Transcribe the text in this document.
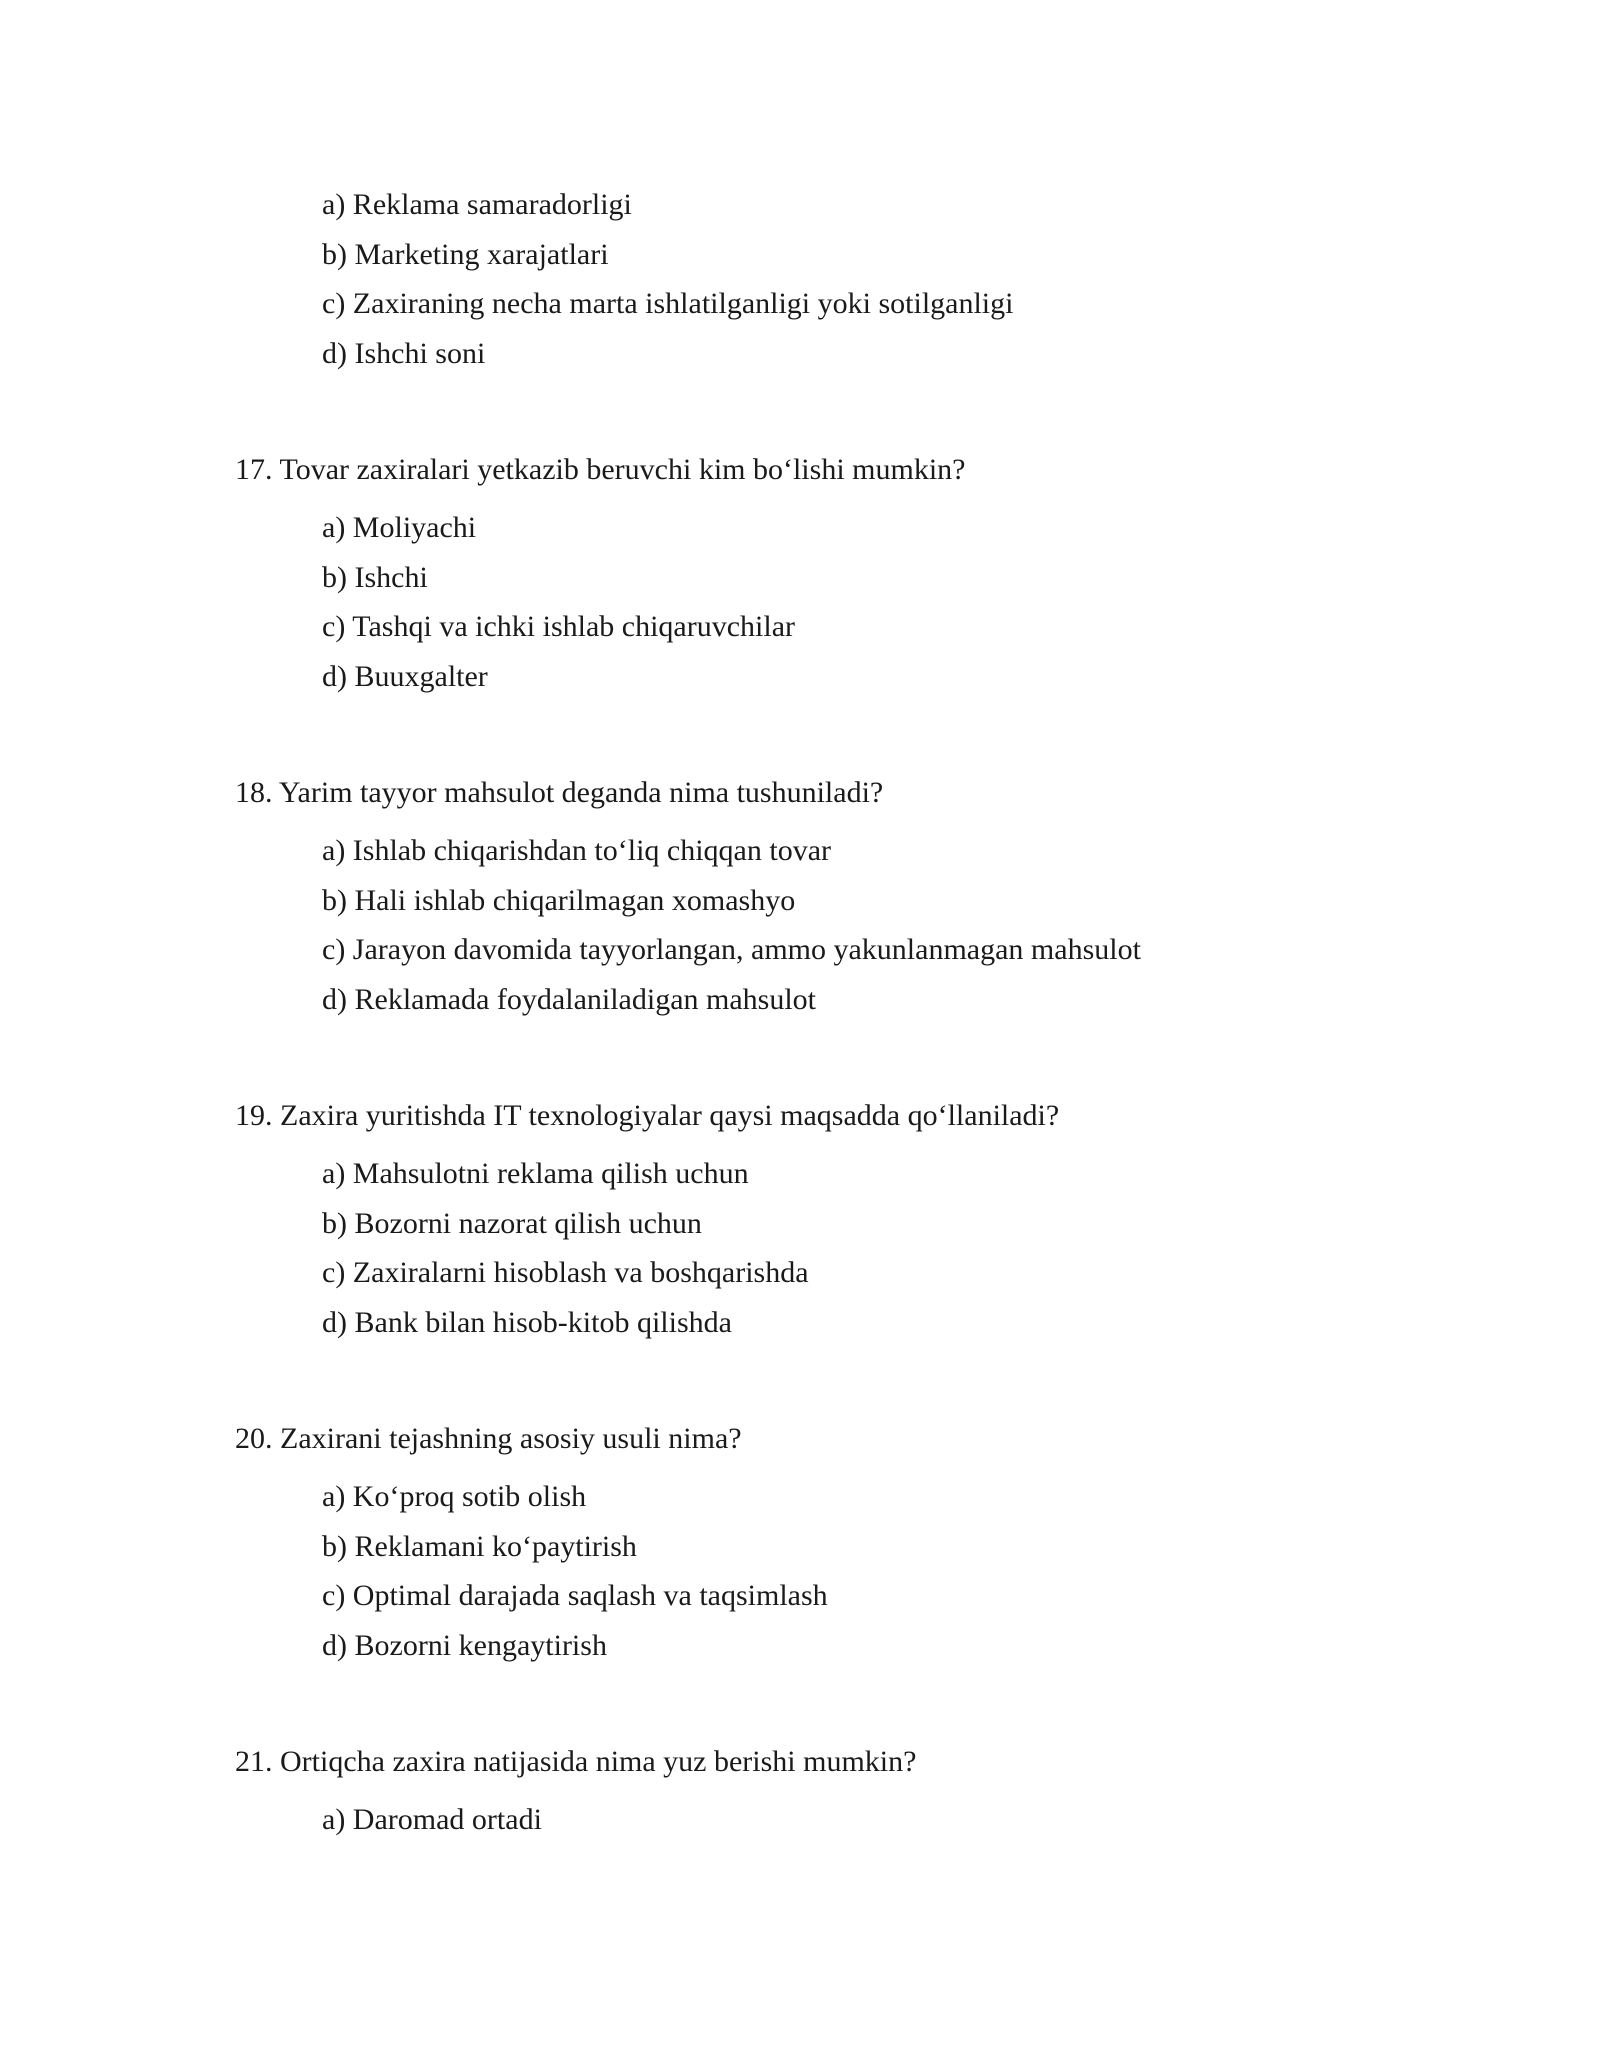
a) Reklama samaradorligi
b) Marketing xarajatlari
c) Zaxiraning necha marta ishlatilganligi yoki sotilganligi
d) Ishchi soni
17. Tovar zaxiralari yetkazib beruvchi kim bo‘lishi mumkin?
a) Moliyachi
b) Ishchi
c) Tashqi va ichki ishlab chiqaruvchilar
d) Buuxgalter
18. Yarim tayyor mahsulot deganda nima tushuniladi?
a) Ishlab chiqarishdan to‘liq chiqqan tovar
b) Hali ishlab chiqarilmagan xomashyo
c) Jarayon davomida tayyorlangan, ammo yakunlanmagan mahsulot
d) Reklamada foydalaniladigan mahsulot
19. Zaxira yuritishda IT texnologiyalar qaysi maqsadda qo‘llaniladi?
a) Mahsulotni reklama qilish uchun
b) Bozorni nazorat qilish uchun
c) Zaxiralarni hisoblash va boshqarishda
d) Bank bilan hisob-kitob qilishda
20. Zaxirani tejashning asosiy usuli nima?
a) Ko‘proq sotib olish
b) Reklamani ko‘paytirish
c) Optimal darajada saqlash va taqsimlash
d) Bozorni kengaytirish
21. Ortiqcha zaxira natijasida nima yuz berishi mumkin?
a) Daromad ortadi
